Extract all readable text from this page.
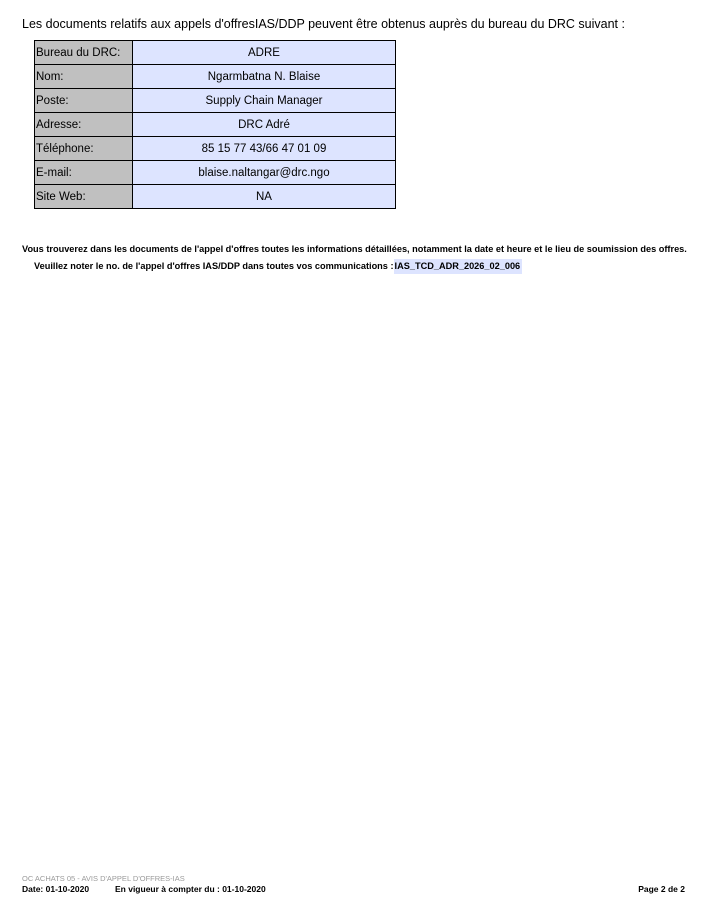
Les documents relatifs aux appels d'offresIAS/DDP peuvent être obtenus auprès du bureau du DRC suivant :
Bureau du DRC:	ADRE
Nom:	Ngarmbatna N. Blaise
Poste:	Supply Chain Manager
Adresse:	DRC Adré
Téléphone:	85 15 77 43/66 47 01 09
E-mail:	blaise.naltangar@drc.ngo
Site Web:	NA
Vous trouverez dans les documents de l'appel d'offres toutes les informations détaillées, notamment la date et heure et le lieu de soumission des offres.
Veuillez noter le no. de l'appel d'offres IAS/DDP dans toutes vos communications :IAS_TCD_ADR_2026_02_006
OC ACHATS 05 - AVIS D'APPEL D'OFFRES-IAS
Date: 01-10-2020	En vigueur à compter du : 01-10-2020	Page 2 de 2
